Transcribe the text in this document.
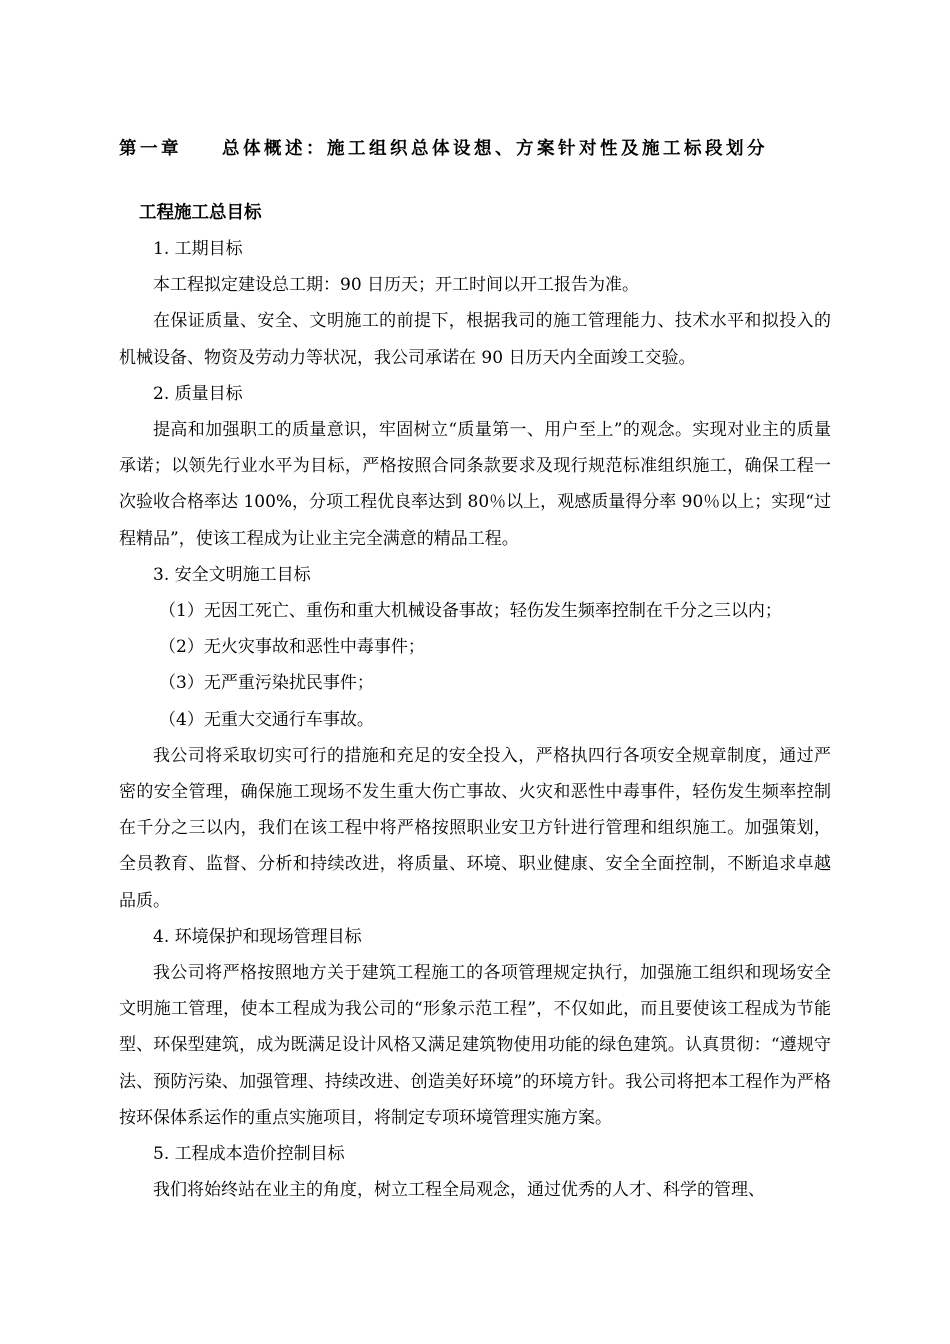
第一章 总体概述：施工组织总体设想、方案针对性及施工标段划分
工程施工总目标

1. 工期目标

本工程拟定建设总工期：90 日历天；开工时间以开工报告为准。

在保证质量、安全、文明施工的前提下，根据我司的施工管理能力、技术水平和拟投入的机械设备、物资及劳动力等状况，我公司承诺在 90 日历天内全面竣工交验。

2. 质量目标

提高和加强职工的质量意识，牢固树立“质量第一、用户至上”的观念。实现对业主的质量承诺；以领先行业水平为目标，严格按照合同条款要求及现行规范标准组织施工，确保工程一次验收合格率达 100%，分项工程优良率达到 80％以上，观感质量得分率 90％以上；实现“过程精品”，使该工程成为让业主完全满意的精品工程。

3. 安全文明施工目标

（1）无因工死亡、重伤和重大机械设备事故；轻伤发生频率控制在千分之三以内；

（2）无火灾事故和恶性中毒事件；

（3）无严重污染扰民事件；

（4）无重大交通行车事故。

我公司将采取切实可行的措施和充足的安全投入，严格执四行各项安全规章制度，通过严密的安全管理，确保施工现场不发生重大伤亡事故、火灾和恶性中毒事件，轻伤发生频率控制在千分之三以内，我们在该工程中将严格按照职业安卫方针进行管理和组织施工。加强策划，全员教育、监督、分析和持续改进，将质量、环境、职业健康、安全全面控制，不断追求卓越品质。

4. 环境保护和现场管理目标

我公司将严格按照地方关于建筑工程施工的各项管理规定执行，加强施工组织和现场安全文明施工管理，使本工程成为我公司的“形象示范工程”，不仅如此，而且要使该工程成为节能型、环保型建筑，成为既满足设计风格又满足建筑物使用功能的绿色建筑。认真贯彻：“遵规守法、预防污染、加强管理、持续改进、创造美好环境”的环境方针。我公司将把本工程作为严格按环保体系运作的重点实施项目，将制定专项环境管理实施方案。

5. 工程成本造价控制目标

我们将始终站在业主的角度，树立工程全局观念，通过优秀的人才、科学的管理、
